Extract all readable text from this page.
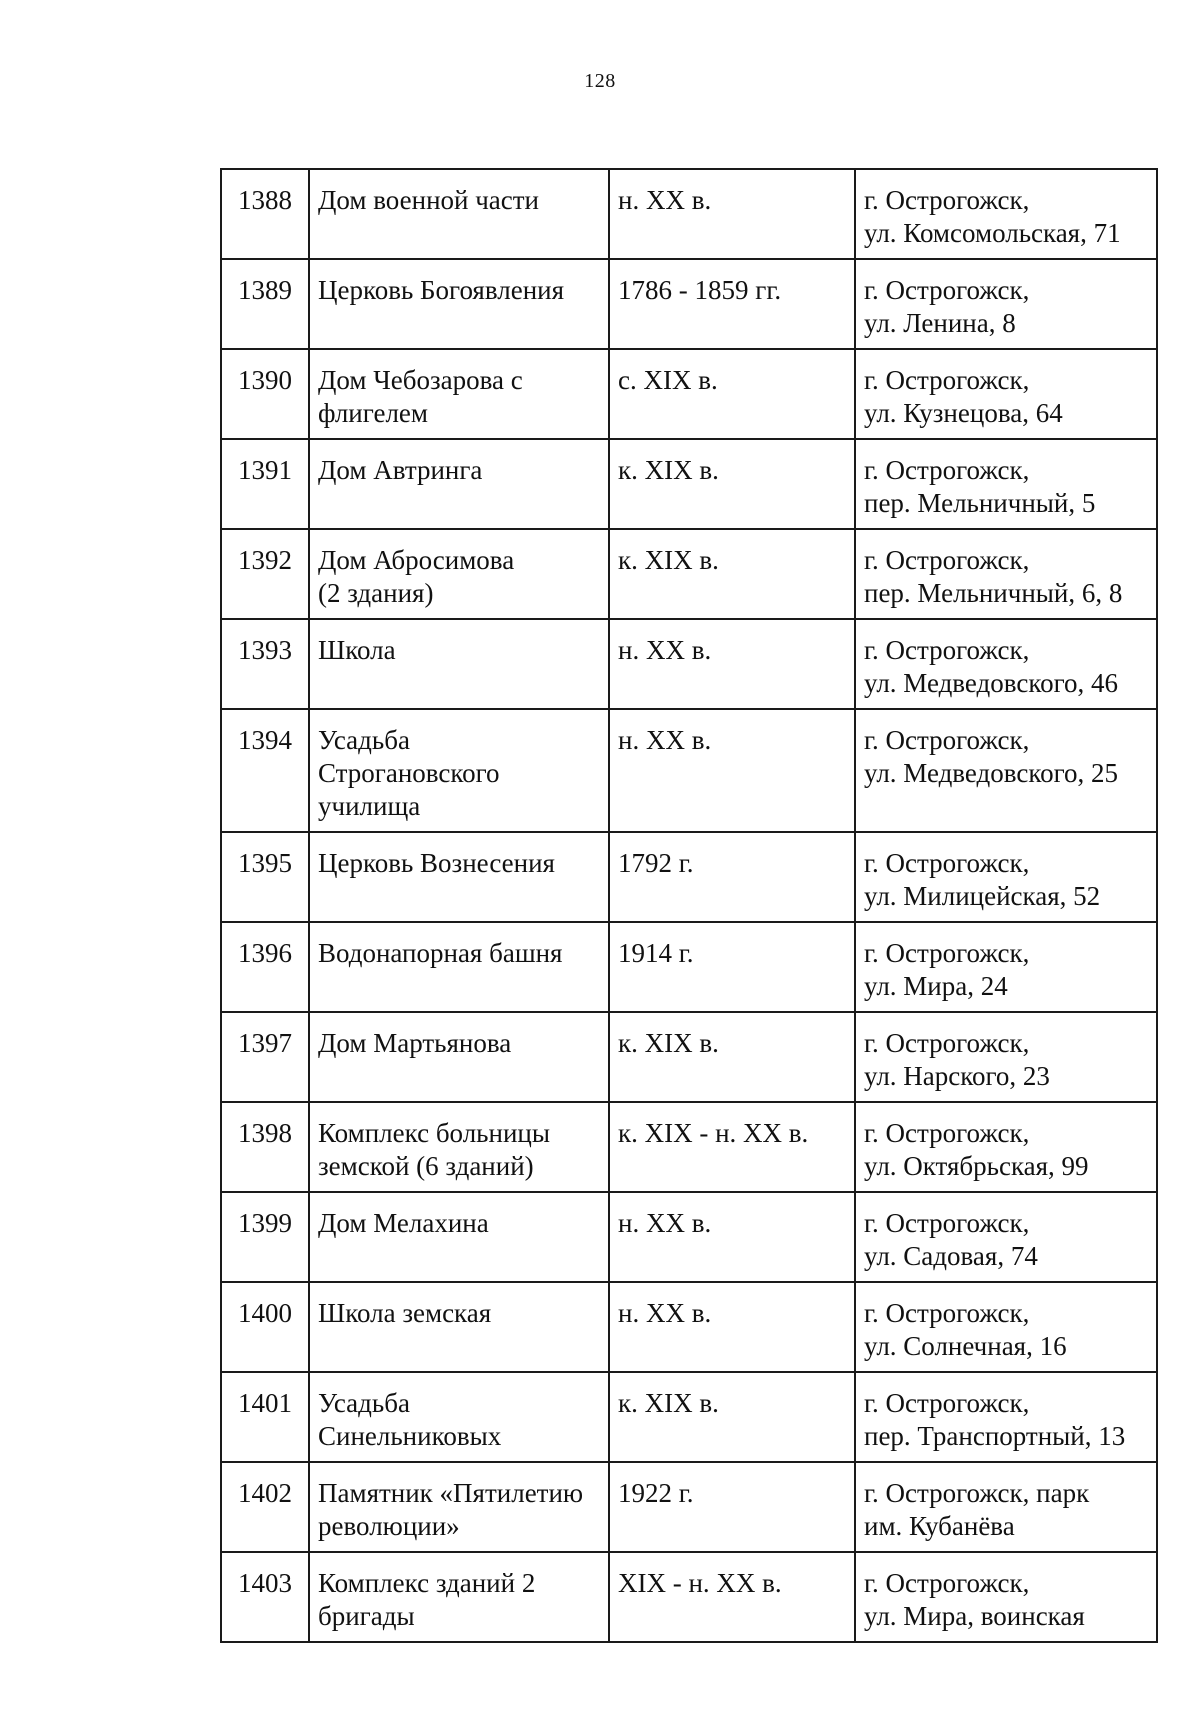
128
1388	Дом военной части	н. XX в.	г. Острогожск,
ул. Комсомольская, 71

1389	Церковь Богоявления	1786 - 1859 гг.	г. Острогожск,
ул. Ленина, 8

1390	Дом Чебозарова с
флигелем	с. XIX в.	г. Острогожск,
ул. Кузнецова, 64

1391	Дом Автринга	к. XIX в.	г. Острогожск,
пер. Мельничный, 5

1392	Дом Абросимова
(2 здания)	к. XIX в.	г. Острогожск,
пер. Мельничный, 6, 8

1393	Школа	н. XX в.	г. Острогожск,
ул. Медведовского, 46

1394	Усадьба
Строгановского
училища	н. XX в.	г. Острогожск,
ул. Медведовского, 25

1395	Церковь Вознесения	1792 г.	г. Острогожск,
ул. Милицейская, 52

1396	Водонапорная башня	1914 г.	г. Острогожск,
ул. Мира, 24

1397	Дом Мартьянова	к. XIX в.	г. Острогожск,
ул. Нарского, 23

1398	Комплекс больницы
земской (6 зданий)	к. XIX - н. XX в.	г. Острогожск,
ул. Октябрьская, 99

1399	Дом Мелахина	н. XX в.	г. Острогожск,
ул. Садовая, 74

1400	Школа земская	н. XX в.	г. Острогожск,
ул. Солнечная, 16

1401	Усадьба
Синельниковых	к. XIX в.	г. Острогожск,
пер. Транспортный, 13

1402	Памятник «Пятилетию
революции»	1922 г.	г. Острогожск, парк
им. Кубанёва

1403	Комплекс зданий 2
бригады	XIX - н. XX в.	г. Острогожск,
ул. Мира, воинская
